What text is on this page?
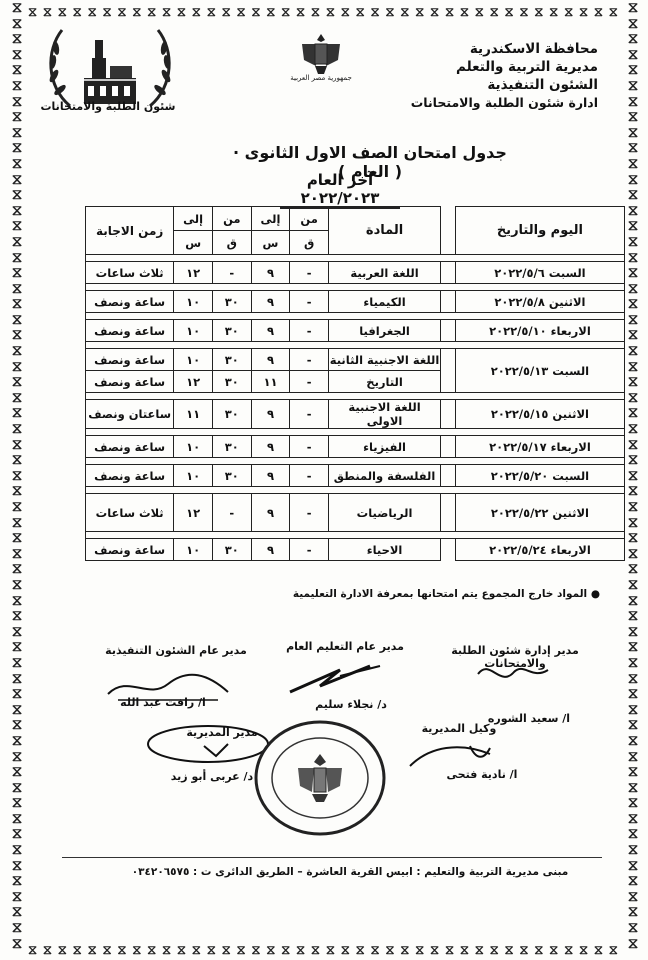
⧖
⧖
⧖
⧖
⧖
⧖
⧖
⧖
⧖
⧖
⧖
⧖
⧖
⧖
⧖
⧖
⧖
⧖
⧖
⧖
⧖
⧖
⧖
⧖
⧖
⧖
⧖
⧖
⧖
⧖
⧖
⧖
⧖
⧖
⧖
⧖
⧖
⧖
⧖
⧖
⧖
⧖
⧖
⧖
⧖
⧖
⧖
⧖
⧖
⧖
⧖
⧖
⧖
⧖
⧖
⧖
⧖
⧖
⧖
⧖
⧖
⧖
⧖
⧖
⧖
⧖
⧖
⧖
⧖
⧖
⧖
⧖
⧖
⧖
⧖
⧖
⧖
⧖
⧖
⧖
⧖
⧖
⧖
⧖
⧖
⧖
⧖
⧖
⧖
⧖
⧖
⧖
⧖
⧖
⧖
⧖
⧖
⧖
⧖
⧖
⧖
⧖
⧖
⧖
⧖
⧖
⧖
⧖
⧖
⧖
⧖
⧖
⧖
⧖
⧖
⧖
⧖
⧖
⧖
⧖
⧖
⧖
⧖ ⧖ ⧖ ⧖ ⧖ ⧖ ⧖ ⧖ ⧖ ⧖ ⧖ ⧖ ⧖ ⧖ ⧖ ⧖ ⧖ ⧖ ⧖ ⧖ ⧖ ⧖ ⧖ ⧖ ⧖ ⧖ ⧖ ⧖ ⧖ ⧖ ⧖ ⧖ ⧖ ⧖ ⧖ ⧖ ⧖ ⧖ ⧖ ⧖
⧖ ⧖ ⧖ ⧖ ⧖ ⧖ ⧖ ⧖ ⧖ ⧖ ⧖ ⧖ ⧖ ⧖ ⧖ ⧖ ⧖ ⧖ ⧖ ⧖ ⧖ ⧖ ⧖ ⧖ ⧖ ⧖ ⧖ ⧖ ⧖ ⧖ ⧖ ⧖ ⧖ ⧖ ⧖ ⧖ ⧖ ⧖ ⧖ ⧖
شئون الطلبة والامتحانات
جمهورية مصر العربية
محافظة الاسكندرية
مديرية التربية والتعلم
الشئون التنفيذية
ادارة شئون الطلبة والامتحانات
جدول امتحان الصف الاول الثانوى · ( العام )
آخر العام ٢٠٢٢/٢٠٢٣
اليوم والتاريخ		المادة	من	إلى	من	إلى	زمن الاجابة
			ق	س	ق	س	

السبت ٢٠٢٢/٥/٦		اللغة العربية	-	٩	-	١٢	ثلاث ساعات

الاثنين ٢٠٢٢/٥/٨		الكيمياء	-	٩	٣٠	١٠	ساعة ونصف

الاربعاء ٢٠٢٢/٥/١٠		الجغرافيا	-	٩	٣٠	١٠	ساعة ونصف

السبت ٢٠٢٢/٥/١٣		اللغة الاجنبية الثانية	-	٩	٣٠	١٠	ساعة ونصف
		التاريخ	-	١١	٣٠	١٢	ساعة ونصف

الاثنين ٢٠٢٢/٥/١٥		اللغة الاجنبية الاولى	-	٩	٣٠	١١	ساعتان ونصف

الاربعاء ٢٠٢٢/٥/١٧		الفيزياء	-	٩	٣٠	١٠	ساعة ونصف

السبت ٢٠٢٢/٥/٢٠		الفلسفة والمنطق	-	٩	٣٠	١٠	ساعة ونصف

الاثنين ٢٠٢٢/٥/٢٢		الرياضيات	-	٩	-	١٢	ثلاث ساعات

الاربعاء ٢٠٢٢/٥/٢٤		الاحياء	-	٩	٣٠	١٠	ساعة ونصف
● المواد خارج المجموع يتم امتحانها بمعرفة الادارة التعليمية
مدير عام الشئون التنفيذية	مدير عام التعليم العام	مدير إدارة شئون الطلبة والامتحانات
ا/ رافت عبد الله	د/ نجلاء سليم
ا/ سعيد الشوره
وكيل المديرية
ا/ نادية فتحى
مدير المديرية
د/ عربى أبو زيد
مبنى مديرية التربية والتعليم : ابيس القرية العاشرة – الطريق الدائرى ت : ٠٣٤٢٠٦٥٧٥
